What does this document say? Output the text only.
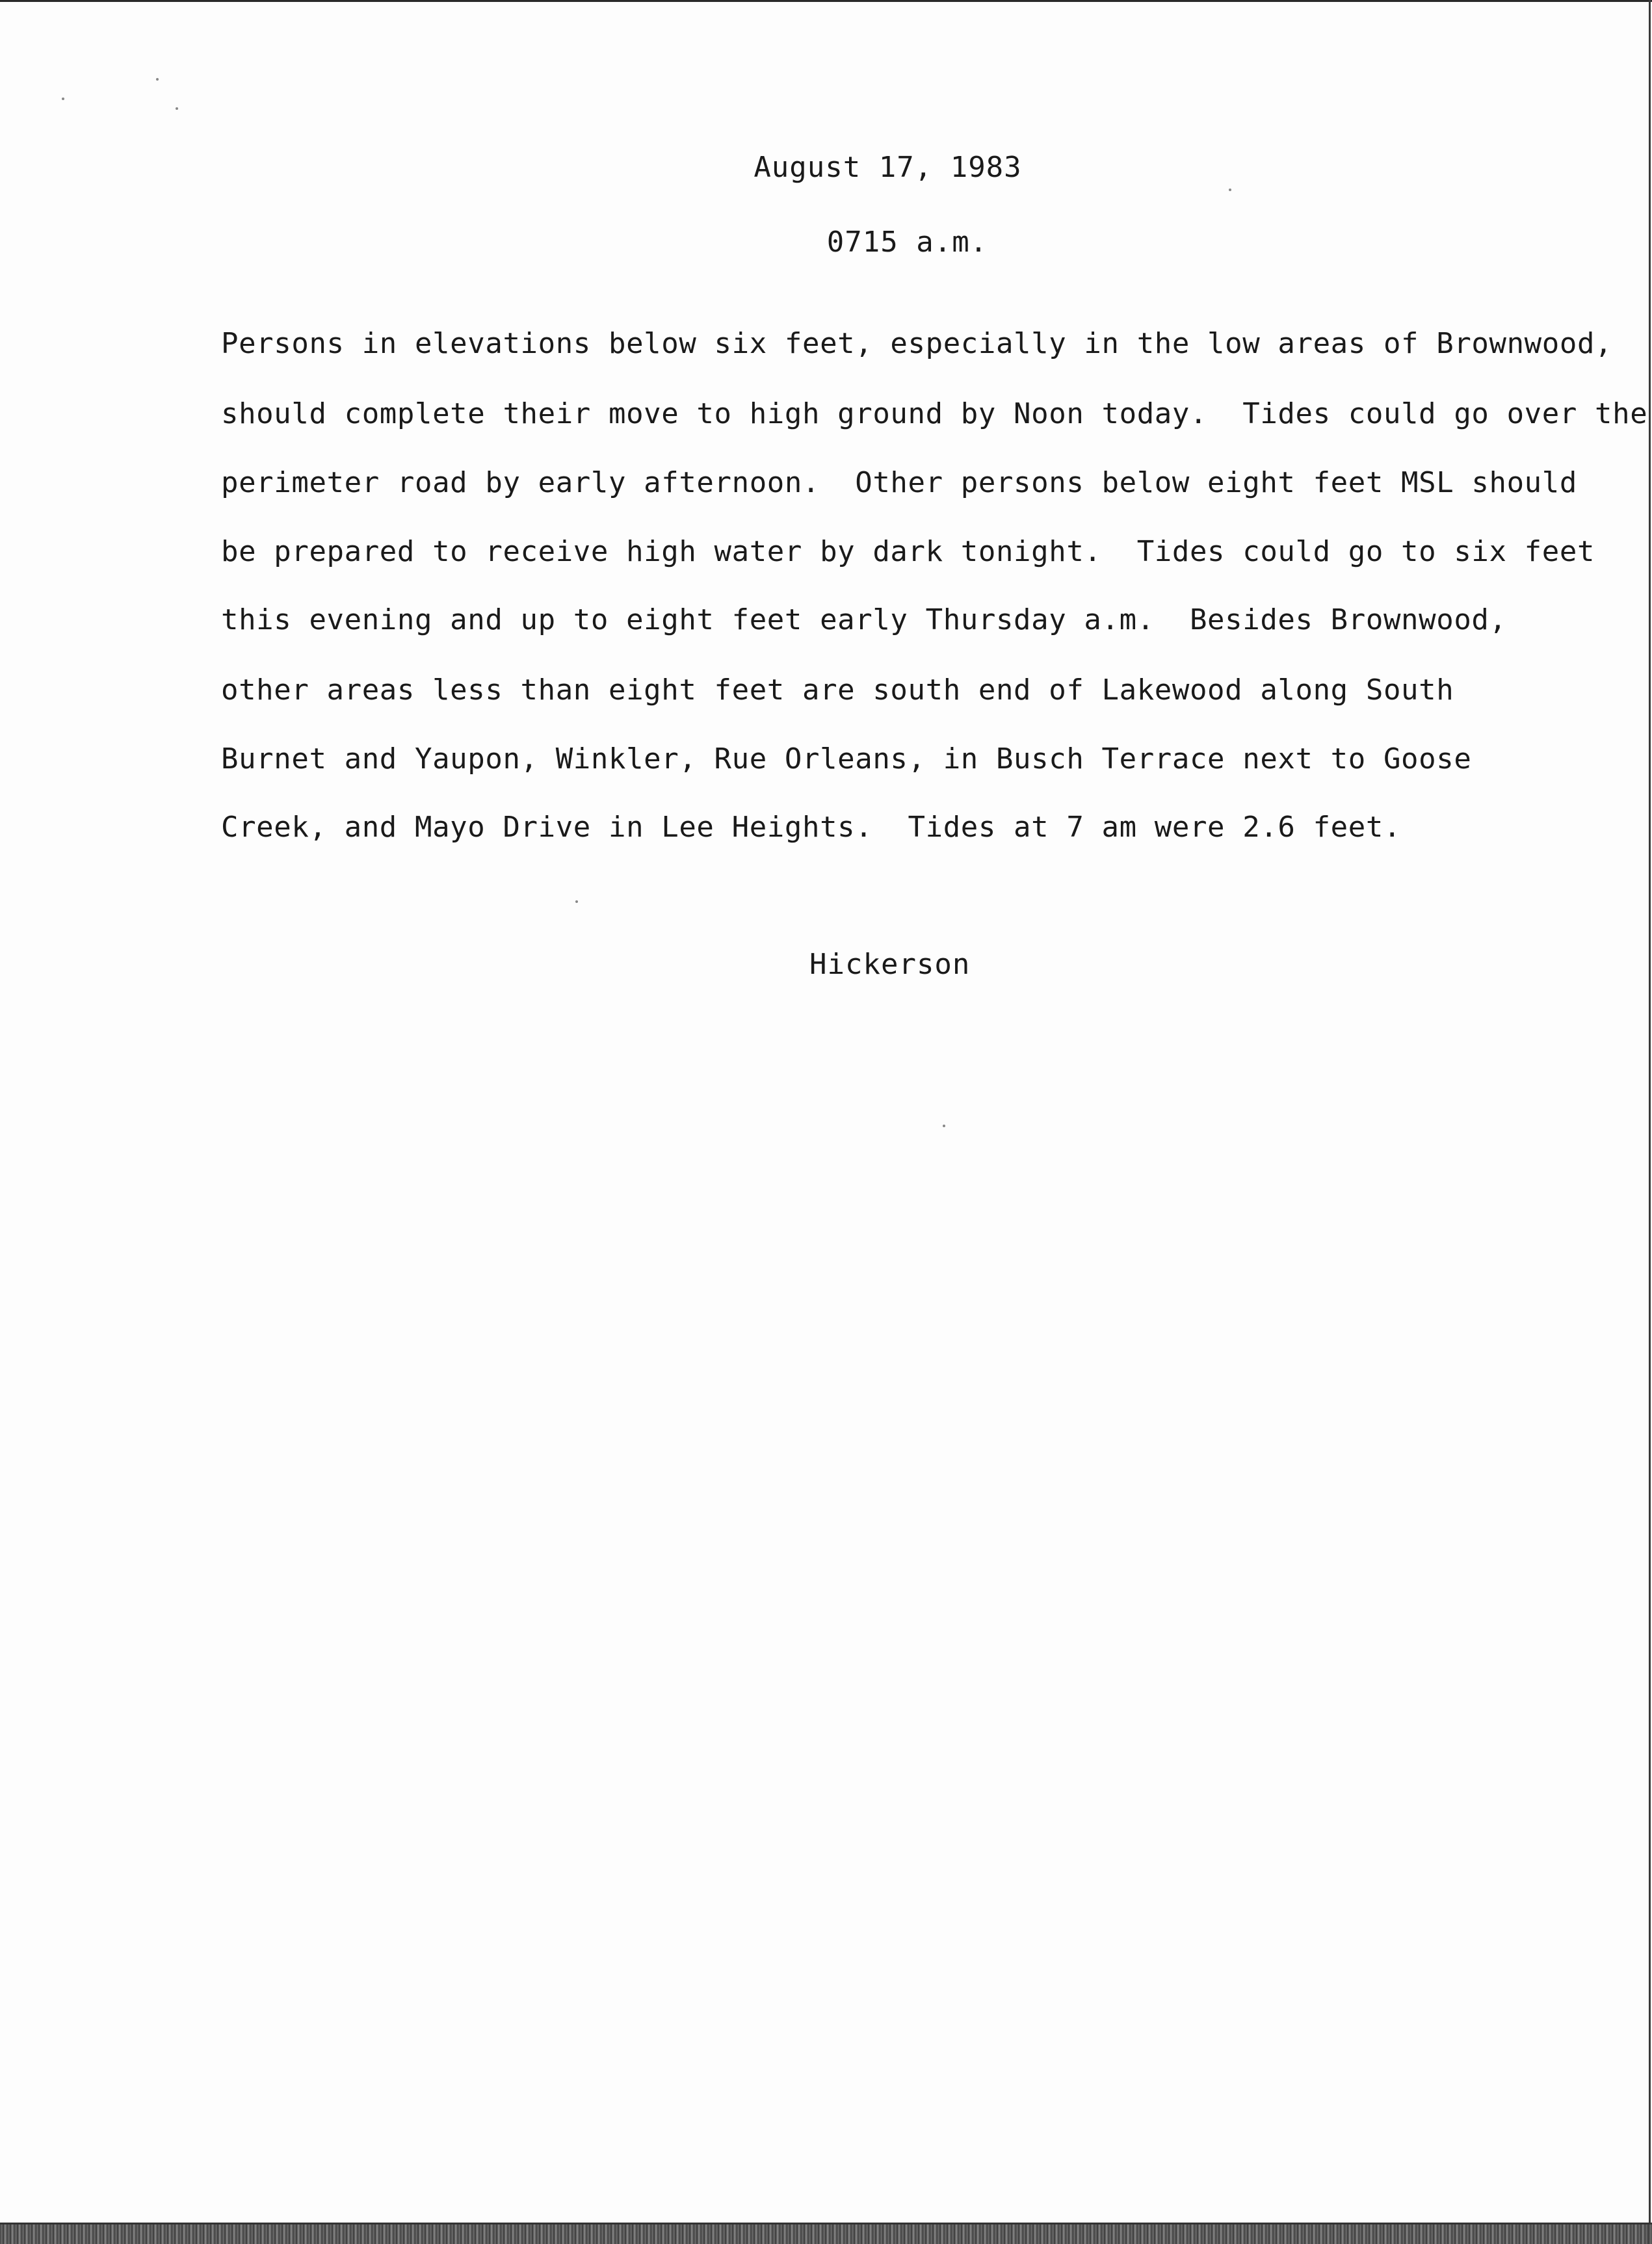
August 17, 1983
0715 a.m.
Persons in elevations below six feet, especially in the low areas of Brownwood,
should complete their move to high ground by Noon today.  Tides could go over the
perimeter road by early afternoon.  Other persons below eight feet MSL should
be prepared to receive high water by dark tonight.  Tides could go to six feet
this evening and up to eight feet early Thursday a.m.  Besides Brownwood,
other areas less than eight feet are south end of Lakewood along South
Burnet and Yaupon, Winkler, Rue Orleans, in Busch Terrace next to Goose
Creek, and Mayo Drive in Lee Heights.  Tides at 7 am were 2.6 feet.
Hickerson
